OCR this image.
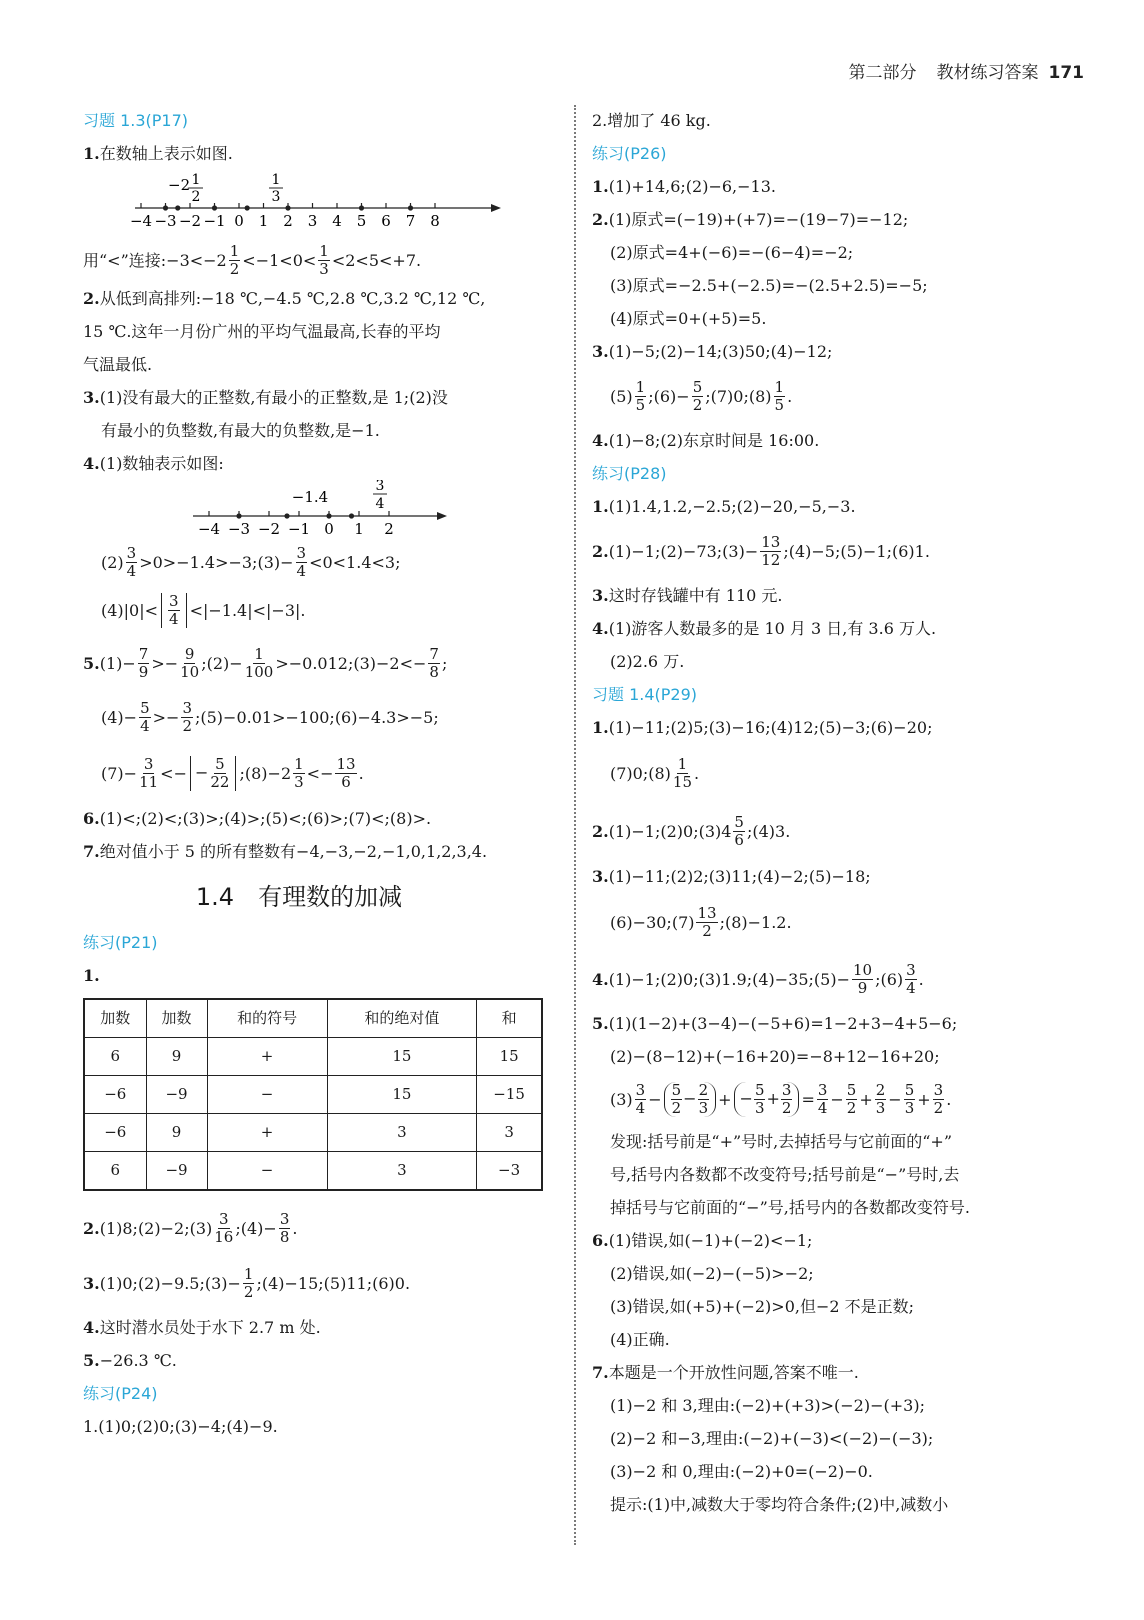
第二部分 教材练习答案 171
习题 1.3(P17)
1.在数轴上表示如图.
−2 1
2
1
3
−4 −3 −2 −1 0 1 2 3 4 5 6 7 8
用“<”连接:−3<−2 $\frac{1}{2} <-1<0< \frac{1}{3} <2<5<+7$.
2.从低到高排列:−18 ℃,−4.5 ℃,2.8 ℃,3.2 ℃,12 ℃,
15 ℃.这年一月份广州的平均气温最高,长春的平均
气温最低.
3.(1)没有最大的正整数,有最小的正整数,是 1;(2)没
有最小的负整数,有最大的负整数,是−1.
4.(1)数轴表示如图:
−1.4
3
4
−4 −3 −2 −1 0 1 2
$(2) \frac{3}{4}$ >0>−1.4>−3;(3)− $\frac{3}{4} <0<1.4<3$;
$(4)|0|< \frac{3}{4} <|-1.4|<|-3|$.
5. $(1)- \frac{7}{9} >- \frac{9}{10}$ ;(2)− $\frac{1}{100}$ >−0.012;(3)−2<− $\frac{7}{8}$ ;
$(4)- \frac{5}{4} >- \frac{3}{2}$ ;(5)−0.01>−100;(6)−4.3>−5;
$(7)- \frac{3}{11}$ <− − $\frac{5}{22}$ ;(8)−2 $\frac{1}{3} <- \frac{13}{6}$ .
6.(1)<;(2)<;(3)>;(4)>;(5)<;(6)>;(7)<;(8)>.
7.绝对值小于 5 的所有整数有−4,−3,−2,−1,0,1,2,3,4.
1.4　有理数的加减
练习(P21)
1.
加数	加数	和的符号	和的绝对值	和
6	9	+	15	15
−6	−9	−	15	−15
−6	9	+	3	3
6	−9	−	3	−3
2. (1)8;(2)−2;(3) $\frac{3}{16}$ ;(4)− $\frac{3}{8}$ .
3. (1)0;(2)−9.5;(3)− $\frac{1}{2}$ ;(4)−15;(5)11;(6)0.
4.这时潜水员处于水下 2.7 m 处.
5.−26.3 ℃.
练习(P24)
1.(1)0;(2)0;(3)−4;(4)−9.
2.增加了 46 kg.
练习(P26)
1.(1)+14,6;(2)−6,−13.
2.(1)原式=(−19)+(+7)=−(19−7)=−12;
(2)原式=4+(−6)=−(6−4)=−2;
(3)原式=−2.5+(−2.5)=−(2.5+2.5)=−5;
(4)原式=0+(+5)=5.
3.(1)−5;(2)−14;(3)50;(4)−12;
$(5) \frac{1}{5}$ ;(6)− $\frac{5}{2}$ ;(7)0;(8) $\frac{1}{5}$ .
4.(1)−8;(2)东京时间是 16:00.
练习(P28)
1.(1)1.4,1.2,−2.5;(2)−20,−5,−3.
2. (1)−1;(2)−73;(3)− $\frac{13}{12}$ ;(4)−5;(5)−1;(6)1.
3.这时存钱罐中有 110 元.
4.(1)游客人数最多的是 10 月 3 日,有 3.6 万人.
(2)2.6 万.
习题 1.4(P29)
1.(1)−11;(2)5;(3)−16;(4)12;(5)−3;(6)−20;
(7)0;(8) $\frac{1}{15}$ .
2. (1)−1;(2)0;(3)4 $\frac{5}{6}$ ;(4)3.
3.(1)−11;(2)2;(3)11;(4)−2;(5)−18;
(6)−30;(7) $\frac{13}{2}$ ;(8)−1.2.
4. (1)−1;(2)0;(3)1.9;(4)−35;(5)− $\frac{10}{9}$ ;(6) $\frac{3}{4}$ .
5.(1)(1−2)+(3−4)−(−5+6)=1−2+3−4+5−6;
(2)−(8−12)+(−16+20)=−8+12−16+20;
$(3) \frac{3}{4} - \frac{5}{2} - \frac{2}{3}$ + − $\frac{5}{3} + \frac{3}{2} = \frac{3}{4} - \frac{5}{2} + \frac{2}{3} - \frac{5}{3} + \frac{3}{2}$ .
发现:括号前是“+”号时,去掉括号与它前面的“+”
号,括号内各数都不改变符号;括号前是“−”号时,去
掉括号与它前面的“−”号,括号内的各数都改变符号.
6.(1)错误,如(−1)+(−2)<−1;
(2)错误,如(−2)−(−5)>−2;
(3)错误,如(+5)+(−2)>0,但−2 不是正数;
(4)正确.
7.本题是一个开放性问题,答案不唯一.
(1)−2 和 3,理由:(−2)+(+3)>(−2)−(+3);
(2)−2 和−3,理由:(−2)+(−3)<(−2)−(−3);
(3)−2 和 0,理由:(−2)+0=(−2)−0.
提示:(1)中,减数大于零均符合条件;(2)中,减数小
